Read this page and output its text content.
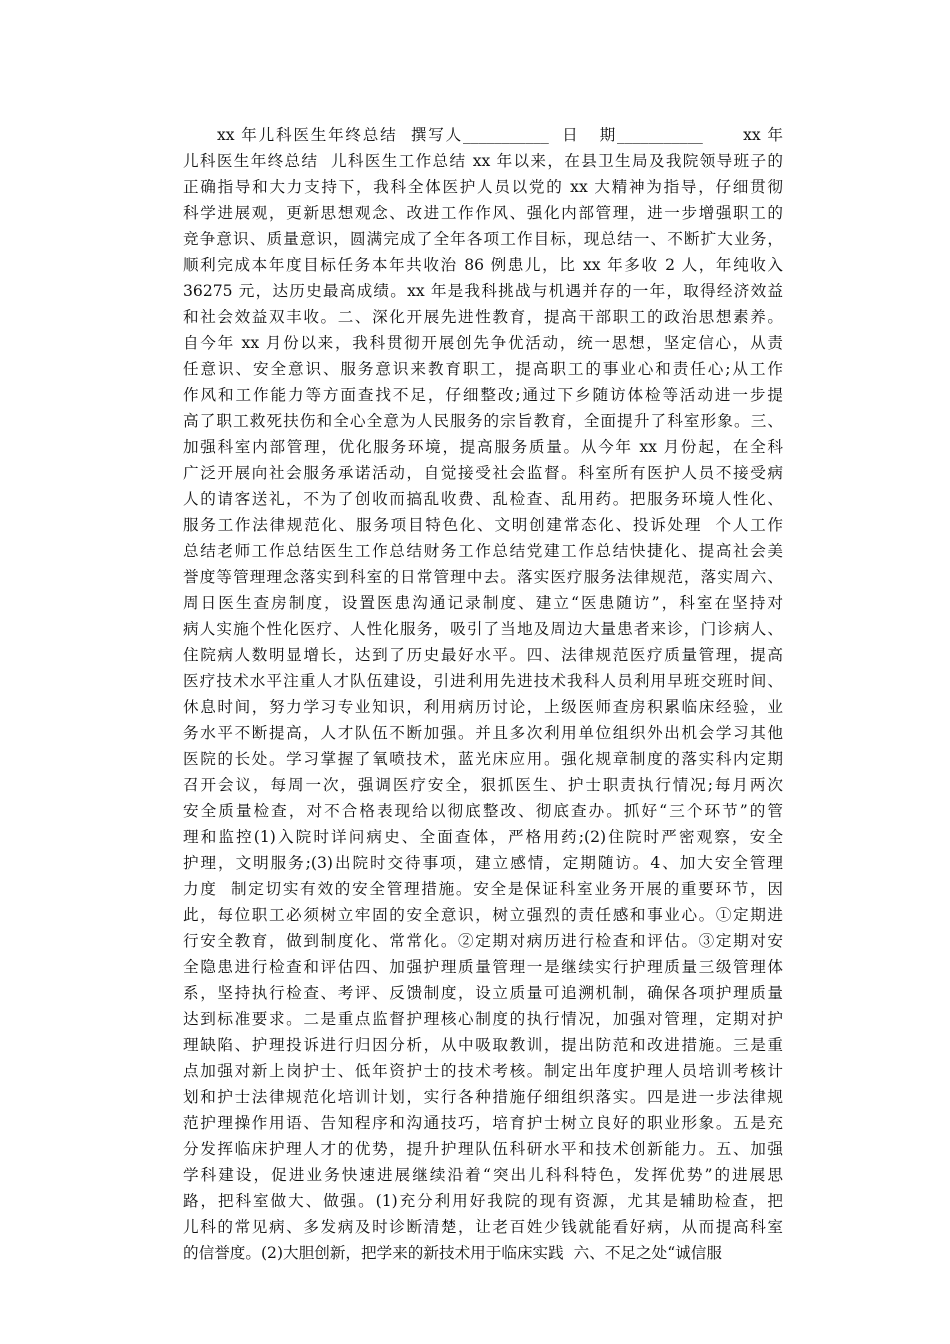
xx 年儿科医生年终总结  撰写人___________  日   期___________      xx 年
儿科医生年终总结  儿科医生工作总结 xx 年以来，在县卫生局及我院领导班子的
正确指导和大力支持下，我科全体医护人员以党的 xx 大精神为指导，仔细贯彻
科学进展观，更新思想观念、改进工作作风、强化内部管理，进一步增强职工的
竞争意识、质量意识，圆满完成了全年各项工作目标，现总结一、不断扩大业务，
顺利完成本年度目标任务本年共收治 86 例患儿，比 xx 年多收 2 人，年纯收入
36275 元，达历史最高成绩。xx 年是我科挑战与机遇并存的一年，取得经济效益
和社会效益双丰收。二、深化开展先进性教育，提高干部职工的政治思想素养。
自今年 xx 月份以来，我科贯彻开展创先争优活动，统一思想，坚定信心，从责
任意识、安全意识、服务意识来教育职工，提高职工的事业心和责任心;从工作
作风和工作能力等方面查找不足，仔细整改;通过下乡随访体检等活动进一步提
高了职工救死扶伤和全心全意为人民服务的宗旨教育，全面提升了科室形象。三、
加强科室内部管理，优化服务环境，提高服务质量。从今年 xx 月份起，在全科
广泛开展向社会服务承诺活动，自觉接受社会监督。科室所有医护人员不接受病
人的请客送礼，不为了创收而搞乱收费、乱检查、乱用药。把服务环境人性化、
服务工作法律规范化、服务项目特色化、文明创建常态化、投诉处理  个人工作
总结老师工作总结医生工作总结财务工作总结党建工作总结快捷化、提高社会美
誉度等管理理念落实到科室的日常管理中去。落实医疗服务法律规范，落实周六、
周日医生查房制度，设置医患沟通记录制度、建立“医患随访”，科室在坚持对
病人实施个性化医疗、人性化服务，吸引了当地及周边大量患者来诊，门诊病人、
住院病人数明显增长，达到了历史最好水平。四、法律规范医疗质量管理，提高
医疗技术水平注重人才队伍建设，引进利用先进技术我科人员利用早班交班时间、
休息时间，努力学习专业知识，利用病历讨论，上级医师查房积累临床经验，业
务水平不断提高，人才队伍不断加强。并且多次利用单位组织外出机会学习其他
医院的长处。学习掌握了氧喷技术，蓝光床应用。强化规章制度的落实科内定期
召开会议，每周一次，强调医疗安全，狠抓医生、护士职责执行情况;每月两次
安全质量检查，对不合格表现给以彻底整改、彻底查办。抓好“三个环节”的管
理和监控(1)入院时详问病史、全面查体，严格用药;(2)住院时严密观察，安全
护理，文明服务;(3)出院时交待事项，建立感情，定期随访。4、加大安全管理
力度  制定切实有效的安全管理措施。安全是保证科室业务开展的重要环节，因
此，每位职工必须树立牢固的安全意识，树立强烈的责任感和事业心。①定期进
行安全教育，做到制度化、常常化。②定期对病历进行检查和评估。③定期对安
全隐患进行检查和评估四、加强护理质量管理一是继续实行护理质量三级管理体
系，坚持执行检查、考评、反馈制度，设立质量可追溯机制，确保各项护理质量
达到标准要求。二是重点监督护理核心制度的执行情况，加强对管理，定期对护
理缺陷、护理投诉进行归因分析，从中吸取教训，提出防范和改进措施。三是重
点加强对新上岗护士、低年资护士的技术考核。制定出年度护理人员培训考核计
划和护士法律规范化培训计划，实行各种措施仔细组织落实。四是进一步法律规
范护理操作用语、告知程序和沟通技巧，培育护士树立良好的职业形象。五是充
分发挥临床护理人才的优势，提升护理队伍科研水平和技术创新能力。五、加强
学科建设，促进业务快速进展继续沿着“突出儿科科特色，发挥优势”的进展思
路，把科室做大、做强。(1)充分利用好我院的现有资源，尤其是辅助检查，把
儿科的常见病、多发病及时诊断清楚，让老百姓少钱就能看好病，从而提高科室
的信誉度。(2)大胆创新，把学来的新技术用于临床实践  六、不足之处“诚信服
